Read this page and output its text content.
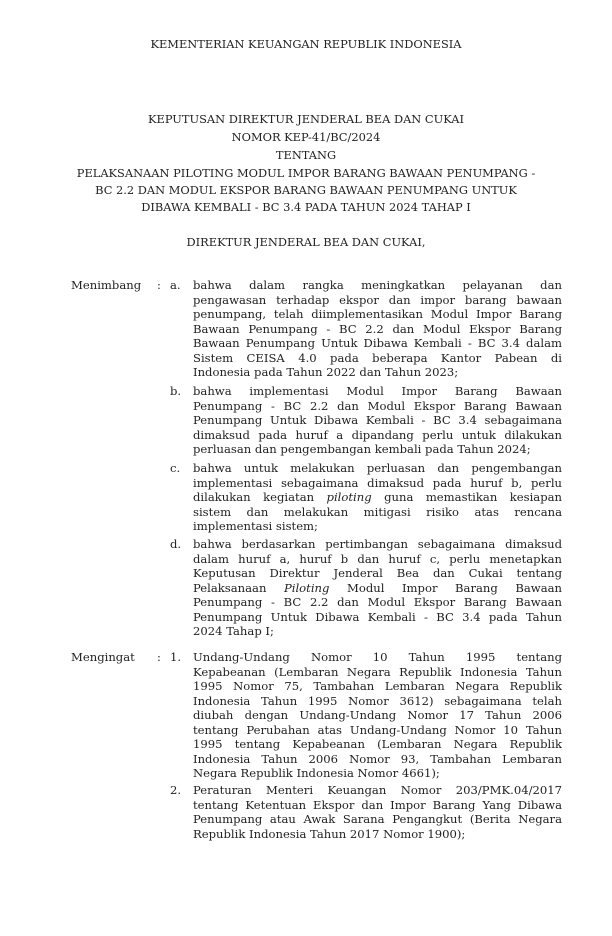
KEMENTERIAN KEUANGAN REPUBLIK INDONESIA
KEPUTUSAN DIREKTUR JENDERAL BEA DAN CUKAI
NOMOR KEP-41/BC/2024
TENTANG
PELAKSANAAN PILOTING MODUL IMPOR BARANG BAWAAN PENUMPANG -
BC 2.2 DAN MODUL EKSPOR BARANG BAWAAN PENUMPANG UNTUK
DIBAWA KEMBALI - BC 3.4 PADA TAHUN 2024 TAHAP I
DIREKTUR JENDERAL BEA DAN CUKAI,
Menimbang : a. bahwa dalam rangka meningkatkan pelayanan dan
pengawasan terhadap ekspor dan impor barang bawaan
penumpang, telah diimplementasikan Modul Impor Barang
Bawaan Penumpang - BC 2.2 dan Modul Ekspor Barang
Bawaan Penumpang Untuk Dibawa Kembali - BC 3.4 dalam
Sistem CEISA 4.0 pada beberapa Kantor Pabean di
Indonesia pada Tahun 2022 dan Tahun 2023;
b. bahwa implementasi Modul Impor Barang Bawaan
Penumpang - BC 2.2 dan Modul Ekspor Barang Bawaan
Penumpang Untuk Dibawa Kembali - BC 3.4 sebagaimana
dimaksud pada huruf a dipandang perlu untuk dilakukan
perluasan dan pengembangan kembali pada Tahun 2024;
c. bahwa untuk melakukan perluasan dan pengembangan
implementasi sebagaimana dimaksud pada huruf b, perlu
dilakukan kegiatan piloting guna memastikan kesiapan
sistem dan melakukan mitigasi risiko atas rencana
implementasi sistem;
d. bahwa berdasarkan pertimbangan sebagaimana dimaksud
dalam huruf a, huruf b dan huruf c, perlu menetapkan
Keputusan Direktur Jenderal Bea dan Cukai tentang
Pelaksanaan Piloting Modul Impor Barang Bawaan
Penumpang - BC 2.2 dan Modul Ekspor Barang Bawaan
Penumpang Untuk Dibawa Kembali - BC 3.4 pada Tahun
2024 Tahap I;
Mengingat : 1. Undang-Undang Nomor 10 Tahun 1995 tentang
Kepabeanan (Lembaran Negara Republik Indonesia Tahun
1995 Nomor 75, Tambahan Lembaran Negara Republik
Indonesia Tahun 1995 Nomor 3612) sebagaimana telah
diubah dengan Undang-Undang Nomor 17 Tahun 2006
tentang Perubahan atas Undang-Undang Nomor 10 Tahun
1995 tentang Kepabeanan (Lembaran Negara Republik
Indonesia Tahun 2006 Nomor 93, Tambahan Lembaran
Negara Republik Indonesia Nomor 4661);
2. Peraturan Menteri Keuangan Nomor 203/PMK.04/2017
tentang Ketentuan Ekspor dan Impor Barang Yang Dibawa
Penumpang atau Awak Sarana Pengangkut (Berita Negara
Republik Indonesia Tahun 2017 Nomor 1900);
